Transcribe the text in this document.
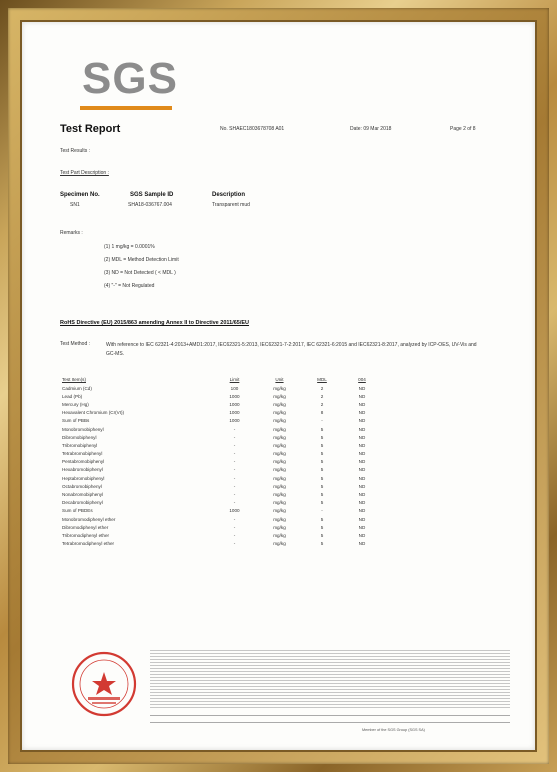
SGS
Test Report	No. SHAEC1803678708 A01	Date: 09 Mar 2018	Page 2 of 8
Test Results :
Test Part Description :
Specimen No.	SGS Sample ID	Description
SN1	SHA18-036767.004	Transparent mud
Remarks :
(1) 1 mg/kg = 0.0001%
(2) MDL = Method Detection Limit
(3) ND = Not Detected ( < MDL )
(4) "-" = Not Regulated
RoHS Directive (EU) 2015/863 amending Annex II to Directive 2011/65/EU
Test Method :	With reference to IEC 62321-4:2013+AMD1:2017, IEC62321-5:2013, IEC62321-7-2:2017, IEC 62321-6:2015 and IEC62321-8:2017, analyzed by ICP-OES, UV-Vis and GC-MS.
Test Item(s)	Limit	Unit	MDL	004
Cadmium (Cd)	100	mg/kg	2	ND
Lead (Pb)	1000	mg/kg	2	ND
Mercury (Hg)	1000	mg/kg	2	ND
Hexavalent Chromium (Cr(VI))	1000	mg/kg	8	ND
Sum of PBBs	1000	mg/kg	-	ND
Monobromobiphenyl	-	mg/kg	5	ND
Dibromobiphenyl	-	mg/kg	5	ND
Tribromobiphenyl	-	mg/kg	5	ND
Tetrabromobiphenyl	-	mg/kg	5	ND
Pentabromobiphenyl	-	mg/kg	5	ND
Hexabromobiphenyl	-	mg/kg	5	ND
Heptabromobiphenyl	-	mg/kg	5	ND
Octabromobiphenyl	-	mg/kg	5	ND
Nonabromobiphenyl	-	mg/kg	5	ND
Decabromobiphenyl	-	mg/kg	5	ND
Sum of PBDEs	1000	mg/kg	-	ND
Monobromodiphenyl ether	-	mg/kg	5	ND
Dibromodiphenyl ether	-	mg/kg	5	ND
Tribromodiphenyl ether	-	mg/kg	5	ND
Tetrabromodiphenyl ether	-	mg/kg	5	ND
Member of the SGS Group (SGS SA)
